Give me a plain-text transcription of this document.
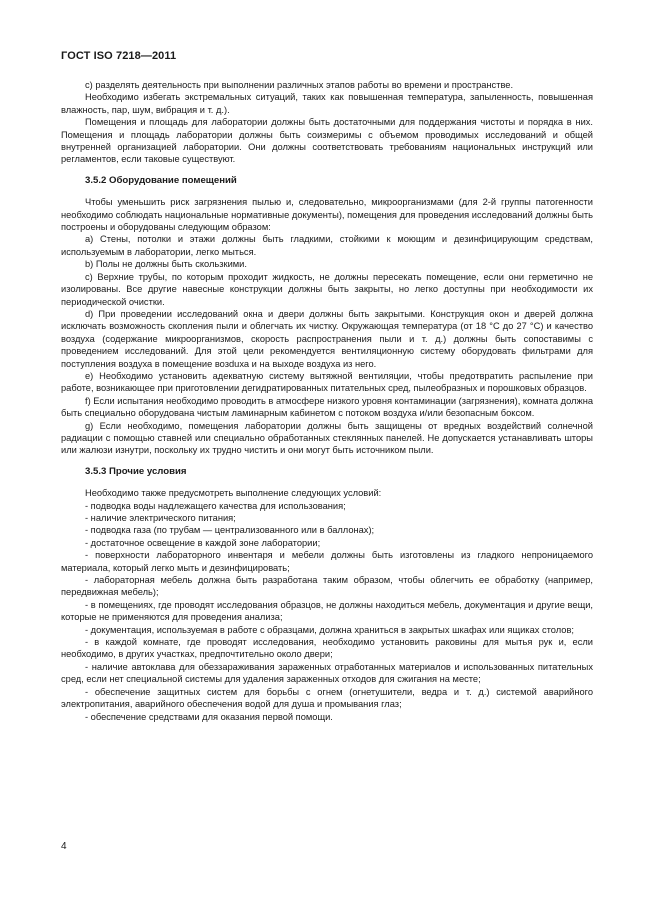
ГОСТ ISO 7218—2011

c) разделять деятельность при выполнении различных этапов работы во времени и пространстве.

Необходимо избегать экстремальных ситуаций, таких как повышенная температура, запыленность, повышенная влажность, пар, шум, вибрация и т. д.).

Помещения и площадь для лаборатории должны быть достаточными для поддержания чистоты и порядка в них. Помещения и площадь лаборатории должны быть соизмеримы с объемом проводимых исследований и общей внутренней организацией лаборатории. Они должны соответствовать требованиям национальных инструкций или регламентов, если таковые существуют.

3.5.2 Оборудование помещений

Чтобы уменьшить риск загрязнения пылью и, следовательно, микроорганизмами (для 2-й группы патогенности необходимо соблюдать национальные нормативные документы), помещения для проведения исследований должны быть построены и оборудованы следующим образом:

a) Стены, потолки и этажи должны быть гладкими, стойкими к моющим и дезинфицирующим средствам, используемым в лаборатории, легко мыться.

b) Полы не должны быть скользкими.

c) Верхние трубы, по которым проходит жидкость, не должны пересекать помещение, если они герметично не изолированы. Все другие навесные конструкции должны быть закрыты, но легко доступны при необходимости их периодической очистки.

d) При проведении исследований окна и двери должны быть закрытыми. Конструкция окон и дверей должна исключать возможность скопления пыли и облегчать их чистку. Окружающая температура (от 18 °С до 27 °С) и качество воздуха (содержание микроорганизмов, скорость распространения пыли и т. д.) должны быть сопоставимы с проведением исследований. Для этой цели рекомендуется вентиляционную систему оборудовать фильтрами для поступления воздуха в помещение возduха и на выходе воздуха из него.

e) Необходимо установить адекватную систему вытяжной вентиляции, чтобы предотвратить распыление при работе, возникающее при приготовлении дегидратированных питательных сред, пылеобразных и порошковых образцов.

f) Если испытания необходимо проводить в атмосфере низкого уровня контаминации (загрязнения), комната должна быть специально оборудована чистым ламинарным кабинетом с потоком воздуха и/или безопасным боксом.

g) Если необходимо, помещения лаборатории должны быть защищены от вредных воздействий солнечной радиации с помощью ставней или специально обработанных стеклянных панелей. Не допускается устанавливать шторы или жалюзи изнутри, поскольку их трудно чистить и они могут быть источником пыли.

3.5.3 Прочие условия

Необходимо также предусмотреть выполнение следующих условий:

- подводка воды надлежащего качества для использования;

- наличие электрического питания;

- подводка газа (по трубам — централизованного или в баллонах);

- достаточное освещение в каждой зоне лаборатории;

- поверхности лабораторного инвентаря и мебели должны быть изготовлены из гладкого непроницаемого материала, который легко мыть и дезинфицировать;

- лабораторная мебель должна быть разработана таким образом, чтобы облегчить ее обработку (например, передвижная мебель);

- в помещениях, где проводят исследования образцов, не должны находиться мебель, документация и другие вещи, которые не применяются для проведения анализа;

- документация, используемая в работе с образцами, должна храниться в закрытых шкафах или ящиках столов;

- в каждой комнате, где проводят исследования, необходимо установить раковины для мытья рук и, если необходимо, в других участках, предпочтительно около двери;

- наличие автоклава для обеззараживания зараженных отработанных материалов и использованных питательных сред, если нет специальной системы для удаления зараженных отходов для сжигания на месте;

- обеспечение защитных систем для борьбы с огнем (огнетушители, ведра и т. д.) системой аварийного электропитания, аварийного обеспечения водой для душа и промывания глаз;

- обеспечение средствами для оказания первой помощи.

4
